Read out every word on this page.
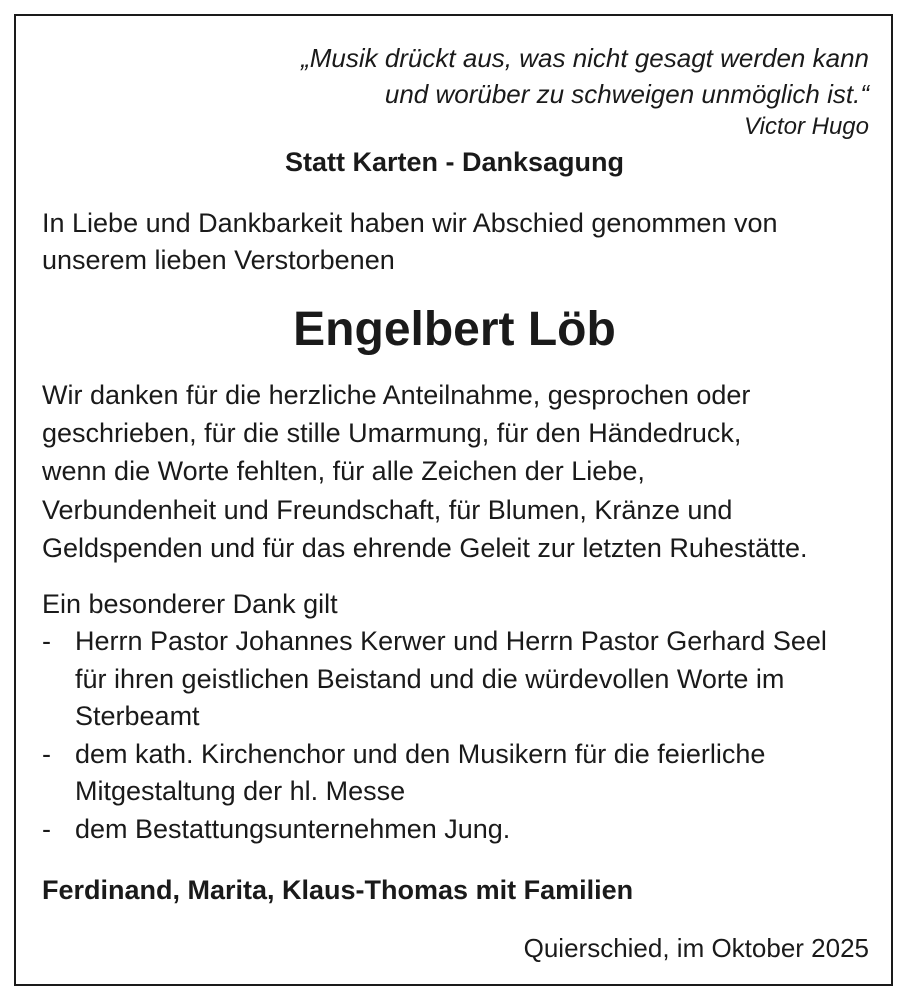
„Musik drückt aus, was nicht gesagt werden kann
und worüber zu schweigen unmöglich ist.“
Victor Hugo
Statt Karten - Danksagung
In Liebe und Dankbarkeit haben wir Abschied genommen von
unserem lieben Verstorbenen
Engelbert Löb
Wir danken für die herzliche Anteilnahme, gesprochen oder
geschrieben, für die stille Umarmung, für den Händedruck,
wenn die Worte fehlten, für alle Zeichen der Liebe,
Verbundenheit und Freundschaft, für Blumen, Kränze und
Geldspenden und für das ehrende Geleit zur letzten Ruhestätte.
Ein besonderer Dank gilt
- Herrn Pastor Johannes Kerwer und Herrn Pastor Gerhard Seel
für ihren geistlichen Beistand und die würdevollen Worte im
Sterbeamt
- dem kath. Kirchenchor und den Musikern für die feierliche
Mitgestaltung der hl. Messe
- dem Bestattungsunternehmen Jung.
Ferdinand, Marita, Klaus-Thomas mit Familien
Quierschied, im Oktober 2025
